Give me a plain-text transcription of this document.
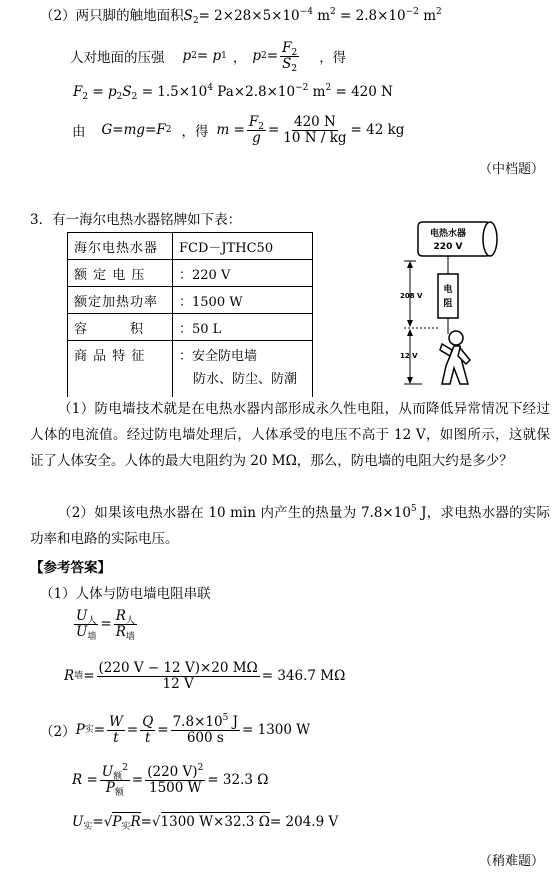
（2）两只脚的触地面积$S_2= 2\times 28\times 5\times 10^{-4}$ $m^2 = 2.8\times 10^{-2}$ $m^2$
人对地面的压强 p 2 = p 1 ， p $2 = \frac{F_2}{S_2}$ ，得
$F_2 = p_2S_2 = 1.5\times 10^4$ $Pa\times 2.8\times 10^{-2}$ $m^2 = 420$ N
由 G=mg=F 2 ，得 $m = \frac{F_2}{g} = \frac{420 N}{10 N / kg} = 42$ kg
（中档题）
3．有一海尔电热水器铭牌如下表：
海尔电热水器	FCD－JTHC50
额 定 电 压	：220 V
额定加热功率	：1500 W
容　　　积	：50 L
商 品 特 征	：安全防电墙
防水、防尘、防潮
电热水器
220 V
电
阻
208 V
12 V
（1）防电墙技术就是在电热水器内部形成永久性电阻，从而降低异常情况下经过人体的电流值。经过防电墙处理后，人体承受的电压不高于 12 V，如图所示，这就保证了人体安全。人体的最大电阻约为 20 MΩ，那么，防电墙的电阻大约是多少？
（2）如果该电热水器在 10 min 内产生的热量为 $7.8\times 10^5$ J，求电热水器的实际功率和电路的实际电压。
【参考答案】
（1）人体与防电墙电阻串联
$\frac{U_人}{U_墙} = \frac{R_人}{R_墙}$
R 墙 = $\frac{(220 V - 12 V)\times 20 M\Omega}{12 V} = 346.7$ MΩ
（2） P 实 = $\frac{W}{t} = \frac{Q}{t} = \frac{7.8\times 10^5 J}{600 s} = 1300$ W
$R = \frac{U_额^2}{P_额} = \frac{(220 V)^2}{1500 W} = 32.3$ Ω
$U_实=√P_实R=√1300$ W×32.3 Ω= 204.9 V
（稍难题）
